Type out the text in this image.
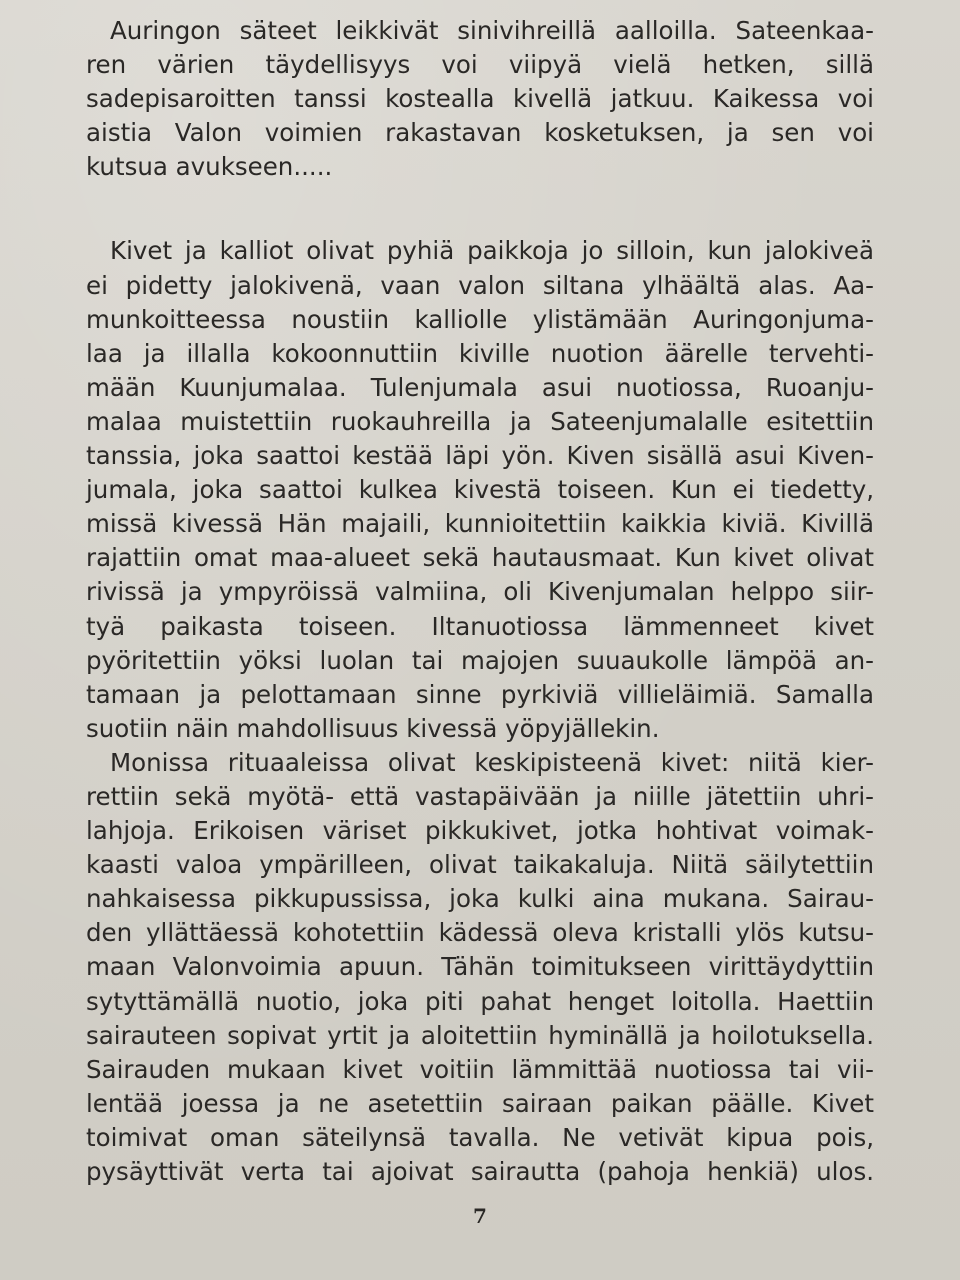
Auringon säteet leikkivät sinivihreillä aalloilla. Sateenkaa-
ren värien täydellisyys voi viipyä vielä hetken, sillä
sadepisaroitten tanssi kostealla kivellä jatkuu. Kaikessa voi
aistia Valon voimien rakastavan kosketuksen, ja sen voi
kutsua avukseen.....
Kivet ja kalliot olivat pyhiä paikkoja jo silloin, kun jalokiveä
ei pidetty jalokivenä, vaan valon siltana ylhäältä alas. Aa-
munkoitteessa noustiin kalliolle ylistämään Auringonjuma-
laa ja illalla kokoonnuttiin kiville nuotion äärelle tervehti-
mään Kuunjumalaa. Tulenjumala asui nuotiossa, Ruoanju-
malaa muistettiin ruokauhreilla ja Sateenjumalalle esitettiin
tanssia, joka saattoi kestää läpi yön. Kiven sisällä asui Kiven-
jumala, joka saattoi kulkea kivestä toiseen. Kun ei tiedetty,
missä kivessä Hän majaili, kunnioitettiin kaikkia kiviä. Kivillä
rajattiin omat maa-alueet sekä hautausmaat. Kun kivet olivat
rivissä ja ympyröissä valmiina, oli Kivenjumalan helppo siir-
tyä paikasta toiseen. Iltanuotiossa lämmenneet kivet
pyöritettiin yöksi luolan tai majojen suuaukolle lämpöä an-
tamaan ja pelottamaan sinne pyrkiviä villieläimiä. Samalla
suotiin näin mahdollisuus kivessä yöpyjällekin.
Monissa rituaaleissa olivat keskipisteenä kivet: niitä kier-
rettiin sekä myötä- että vastapäivään ja niille jätettiin uhri-
lahjoja. Erikoisen väriset pikkukivet, jotka hohtivat voimak-
kaasti valoa ympärilleen, olivat taikakaluja. Niitä säilytettiin
nahkaisessa pikkupussissa, joka kulki aina mukana. Sairau-
den yllättäessä kohotettiin kädessä oleva kristalli ylös kutsu-
maan Valonvoimia apuun. Tähän toimitukseen virittäydyttiin
sytyttämällä nuotio, joka piti pahat henget loitolla. Haettiin
sairauteen sopivat yrtit ja aloitettiin hyminällä ja hoilotuksella.
Sairauden mukaan kivet voitiin lämmittää nuotiossa tai vii-
lentää joessa ja ne asetettiin sairaan paikan päälle. Kivet
toimivat oman säteilynsä tavalla. Ne vetivät kipua pois,
pysäyttivät verta tai ajoivat sairautta (pahoja henkiä) ulos.
7
